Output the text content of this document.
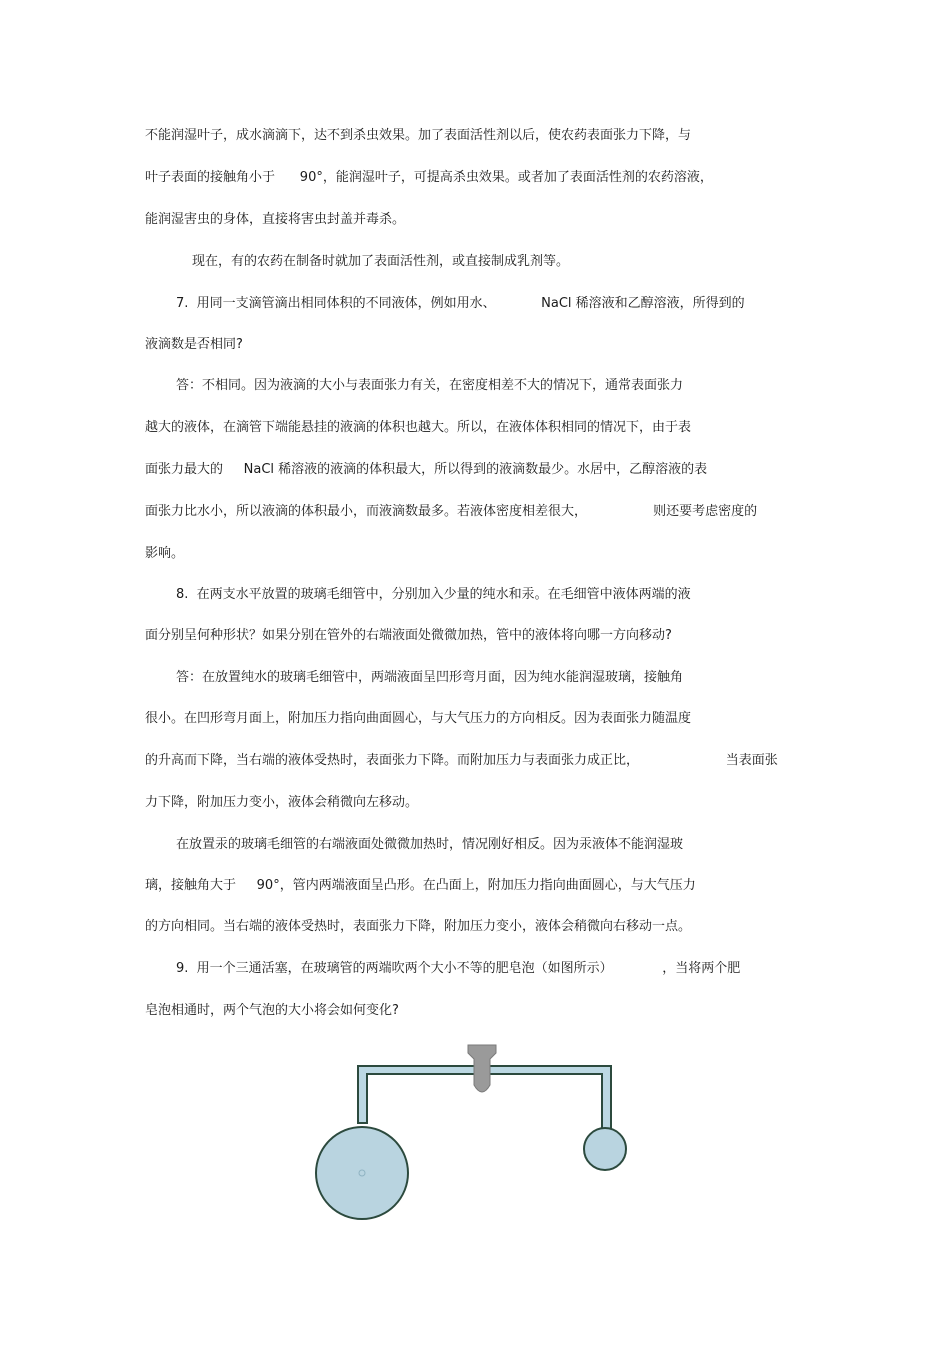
不能润湿叶子，成水滴滴下，达不到杀虫效果。加了表面活性剂以后，使农药表面张力下降，与
叶子表面的接触角小于      90°，能润湿叶子，可提高杀虫效果。或者加了表面活性剂的农药溶液，
能润湿害虫的身体，直接将害虫封盖并毒杀。
现在，有的农药在制备时就加了表面活性剂，或直接制成乳剂等。
7.  用同一支滴管滴出相同体积的不同液体，例如用水、           NaCl 稀溶液和乙醇溶液，所得到的
液滴数是否相同?
答：不相同。因为液滴的大小与表面张力有关，在密度相差不大的情况下，通常表面张力
越大的液体，在滴管下端能悬挂的液滴的体积也越大。所以，在液体体积相同的情况下，由于表
面张力最大的     NaCl 稀溶液的液滴的体积最大，所以得到的液滴数最少。水居中，乙醇溶液的表
面张力比水小，所以液滴的体积最小，而液滴数最多。若液体密度相差很大，                则还要考虑密度的
影响。
8.  在两支水平放置的玻璃毛细管中，分别加入少量的纯水和汞。在毛细管中液体两端的液
面分别呈何种形状？如果分别在管外的右端液面处微微加热，管中的液体将向哪一方向移动?
答：在放置纯水的玻璃毛细管中，两端液面呈凹形弯月面，因为纯水能润湿玻璃，接触角
很小。在凹形弯月面上，附加压力指向曲面圆心，与大气压力的方向相反。因为表面张力随温度
的升高而下降，当右端的液体受热时，表面张力下降。而附加压力与表面张力成正比，                     当表面张
力下降，附加压力变小，液体会稍微向左移动。
在放置汞的玻璃毛细管的右端液面处微微加热时，情况刚好相反。因为汞液体不能润湿玻
璃，接触角大于     90°，管内两端液面呈凸形。在凸面上，附加压力指向曲面圆心，与大气压力
的方向相同。当右端的液体受热时，表面张力下降，附加压力变小，液体会稍微向右移动一点。
9.  用一个三通活塞，在玻璃管的两端吹两个大小不等的肥皂泡（如图所示）            ，当将两个肥
皂泡相通时，两个气泡的大小将会如何变化?
